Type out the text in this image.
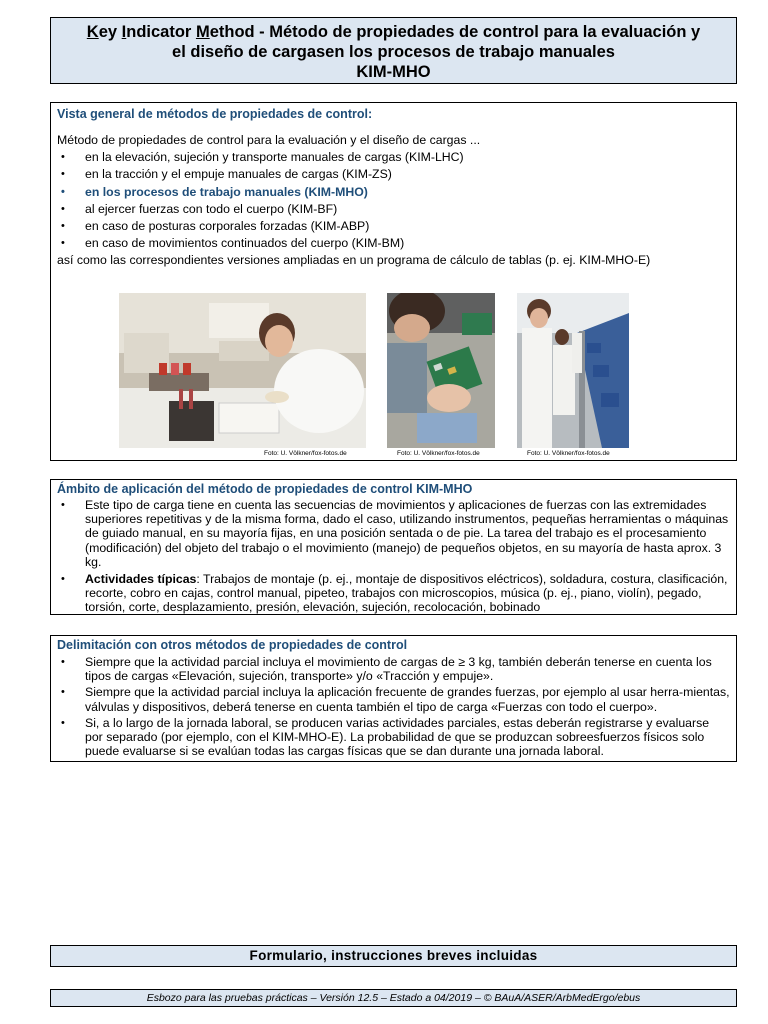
Key Indicator Method - Método de propiedades de control para la evaluación y
el diseño de cargasen los procesos de trabajo manuales
KIM-MHO
Vista general de métodos de propiedades de control:
Método de propiedades de control para la evaluación y el diseño de cargas ...
• en la elevación, sujeción y transporte manuales de cargas (KIM-LHC)
• en la tracción y el empuje manuales de cargas (KIM-ZS)
• en los procesos de trabajo manuales (KIM-MHO)
• al ejercer fuerzas con todo el cuerpo (KIM-BF)
• en caso de posturas corporales forzadas (KIM-ABP)
• en caso de movimientos continuados del cuerpo (KIM-BM)
así como las correspondientes versiones ampliadas en un programa de cálculo de tablas (p. ej. KIM-MHO-E)
Foto: U. Völkner/fox-fotos.de	Foto: U. Völkner/fox-fotos.de	Foto: U. Völkner/fox-fotos.de
Ámbito de aplicación del método de propiedades de control KIM-MHO
• Este tipo de carga tiene en cuenta las secuencias de movimientos y aplicaciones de fuerzas con las extremidades superiores repetitivas y de la misma forma, dado el caso, utilizando instrumentos, pequeñas herramientas o máquinas de guiado manual, en su mayoría fijas, en una posición sentada o de pie. La tarea del trabajo es el procesamiento (modificación) del objeto del trabajo o el movimiento (manejo) de pequeños objetos, en su mayoría de hasta aprox. 3 kg.
• Actividades típicas: Trabajos de montaje (p. ej., montaje de dispositivos eléctricos), soldadura, costura, clasificación, recorte, cobro en cajas, control manual, pipeteo, trabajos con microscopios, música (p. ej., piano, violín), pegado, torsión, corte, desplazamiento, presión, elevación, sujeción, recolocación, bobinado
Delimitación con otros métodos de propiedades de control
• Siempre que la actividad parcial incluya el movimiento de cargas de ≥ 3 kg, también deberán tenerse en cuenta los tipos de cargas «Elevación, sujeción, transporte» y/o «Tracción y empuje».
• Siempre que la actividad parcial incluya la aplicación frecuente de grandes fuerzas, por ejemplo al usar herra-mientas, válvulas y dispositivos, deberá tenerse en cuenta también el tipo de carga «Fuerzas con todo el cuerpo».
• Si, a lo largo de la jornada laboral, se producen varias actividades parciales, estas deberán registrarse y evaluarse por separado (por ejemplo, con el KIM-MHO-E). La probabilidad de que se produzcan sobreesfuerzos físicos solo puede evaluarse si se evalúan todas las cargas físicas que se dan durante una jornada laboral.
Formulario, instrucciones breves incluidas
Esbozo para las pruebas prácticas – Versión 12.5 – Estado a 04/2019 – © BAuA/ASER/ArbMedErgo/ebus
